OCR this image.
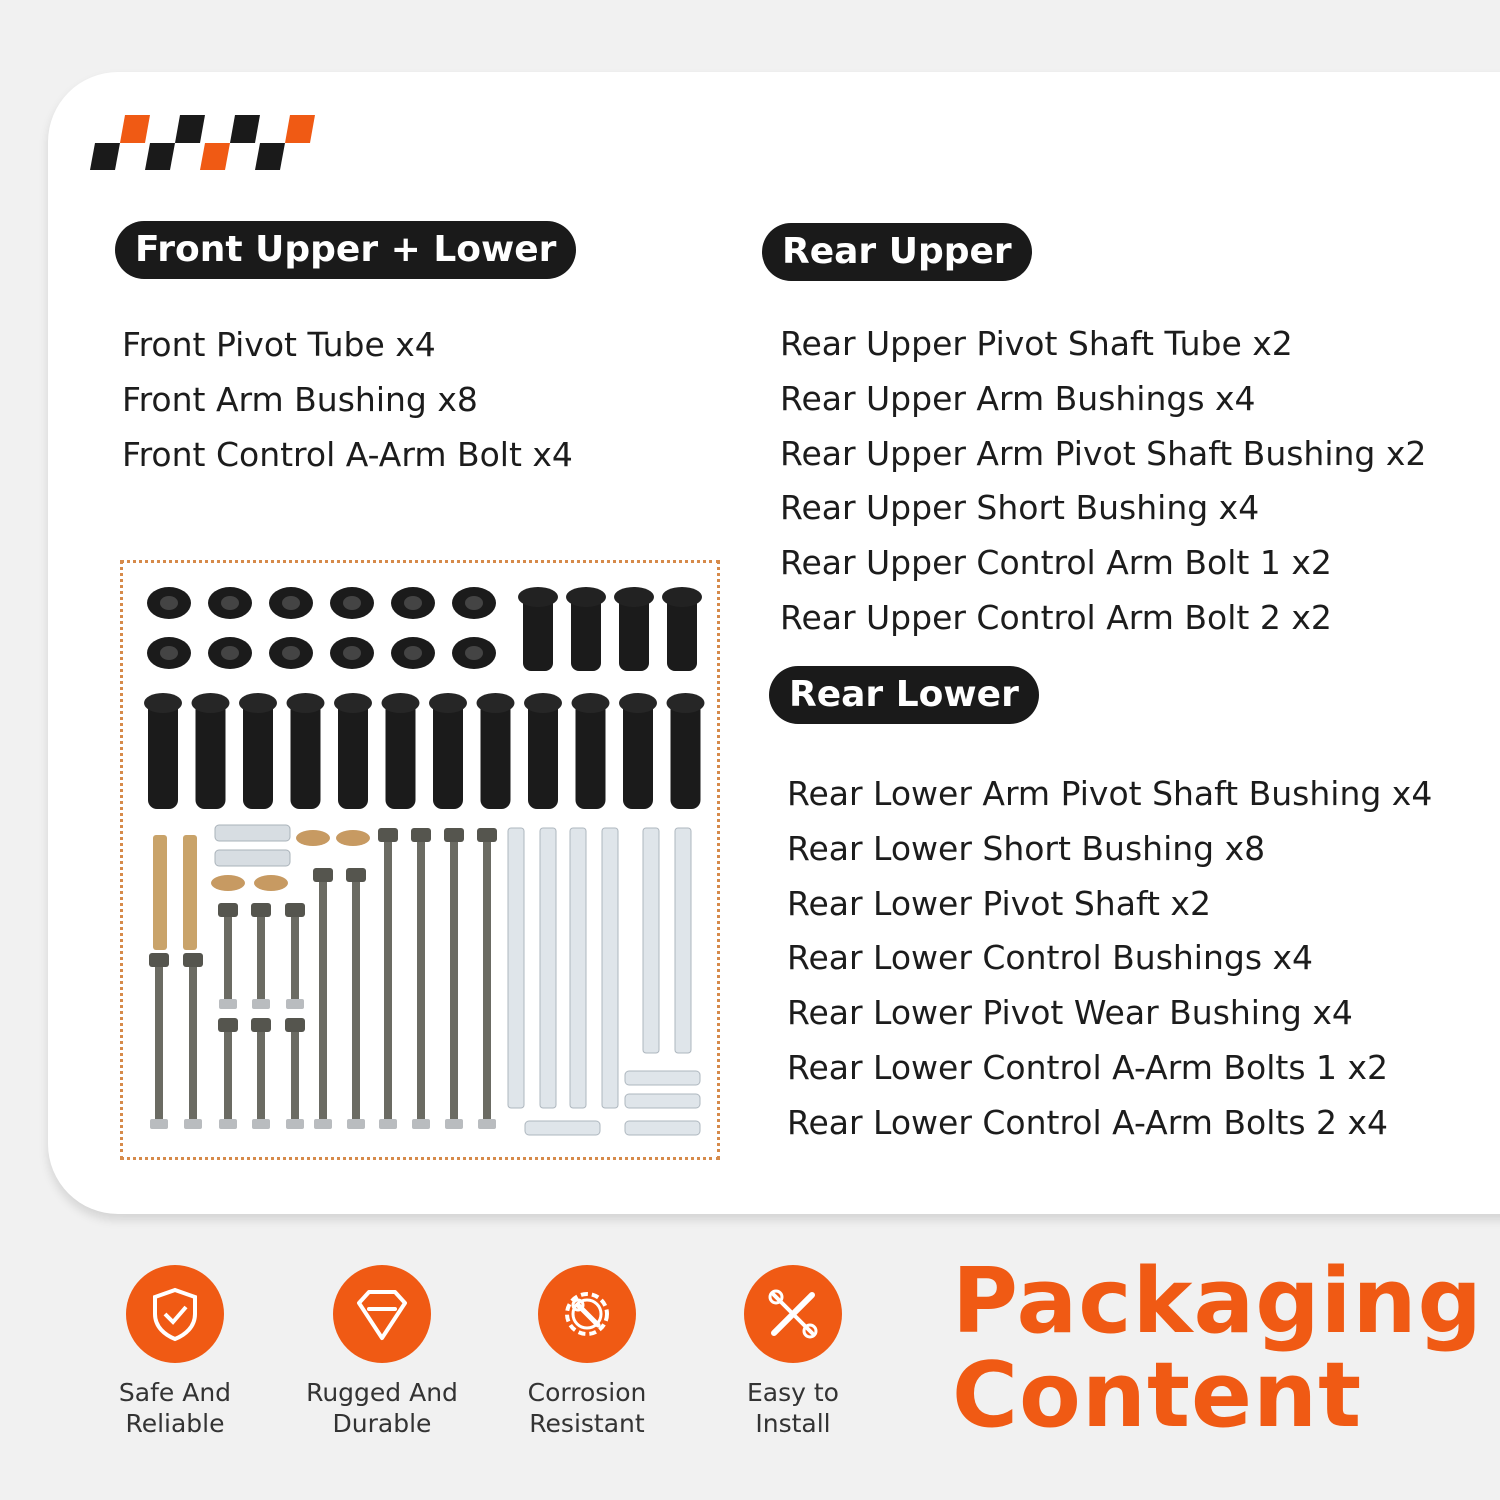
Front Upper + Lower
Front Pivot Tube x4
Front Arm Bushing x8
Front Control A-Arm Bolt x4
Rear Upper
Rear Upper Pivot Shaft Tube x2
Rear Upper Arm Bushings x4
Rear Upper Arm Pivot Shaft Bushing x2
Rear Upper Short Bushing x4
Rear Upper Control Arm Bolt 1 x2
Rear Upper Control Arm Bolt 2 x2
Rear Lower
Rear Lower Arm Pivot Shaft Bushing x4
Rear Lower Short Bushing x8
Rear Lower Pivot Shaft x2
Rear Lower Control Bushings x4
Rear Lower Pivot Wear Bushing x4
Rear Lower Control A-Arm Bolts 1 x2
Rear Lower Control A-Arm Bolts 2 x4
Safe And
Reliable
Rugged And
Durable
Corrosion
Resistant
Easy to
Install
Packaging
Content
